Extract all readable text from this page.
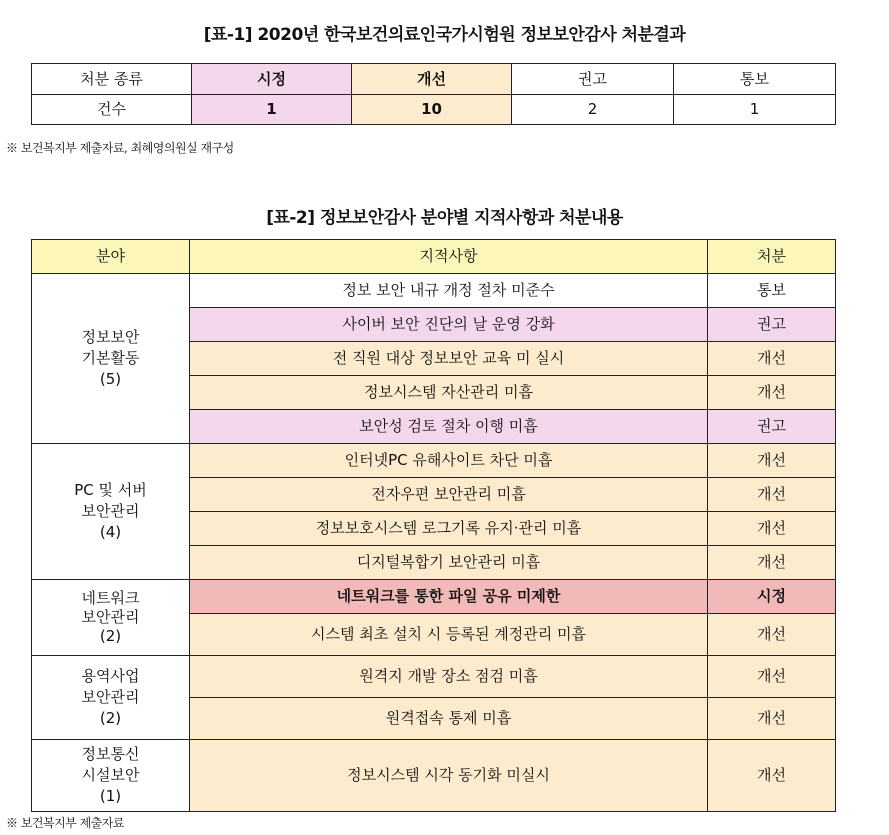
[표-1] 2020년 한국보건의료인국가시험원 정보보안감사 처분결과
처분 종류	시정	개선	권고	통보
건수	1	10	2	1
※ 보건복지부 제출자료, 최혜영의원실 재구성
[표-2] 정보보안감사 분야별 지적사항과 처분내용
분야	지적사항	처분
정보보안
기본활동
(5)	정보 보안 내규 개정 절차 미준수	통보
	사이버 보안 진단의 날 운영 강화	권고
	전 직원 대상 정보보안 교육 미 실시	개선
	정보시스템 자산관리 미흡	개선
	보안성 검토 절차 이행 미흡	권고
PC 및 서버
보안관리
(4)	인터넷PC 유해사이트 차단 미흡	개선
	전자우편 보안관리 미흡	개선
	정보보호시스템 로그기록 유지·관리 미흡	개선
	디지털복합기 보안관리 미흡	개선
네트워크
보안관리
(2)	네트워크를 통한 파일 공유 미제한	시정
	시스템 최초 설치 시 등록된 계정관리 미흡	개선
용역사업
보안관리
(2)	원격지 개발 장소 점검 미흡	개선
	원격접속 통제 미흡	개선
정보통신
시설보안
(1)	정보시스템 시각 동기화 미실시	개선
※ 보건복지부 제출자료
